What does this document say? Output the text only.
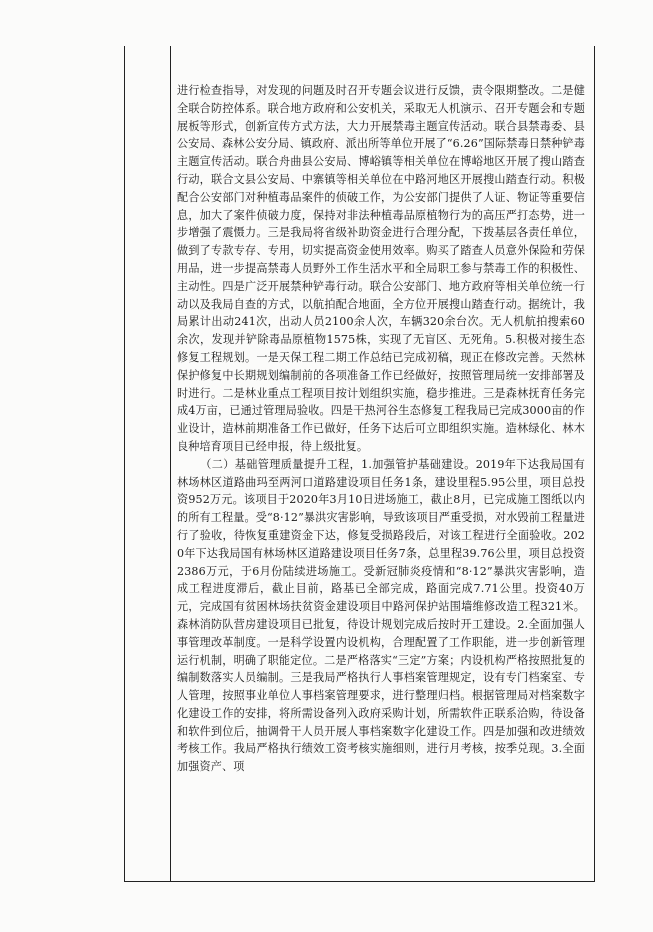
进行检查指导，对发现的问题及时召开专题会议进行反馈，责令限期整改。二是健全联合防控体系。联合地方政府和公安机关，采取无人机演示、召开专题会和专题展板等形式，创新宣传方式方法，大力开展禁毒主题宣传活动。联合县禁毒委、县公安局、森林公安分局、镇政府、派出所等单位开展了“6.26”国际禁毒日禁种铲毒主题宣传活动。联合舟曲县公安局、博峪镇等相关单位在博峪地区开展了搜山踏查行动，联合文县公安局、中寨镇等相关单位在中路河地区开展搜山踏查行动。积极配合公安部门对种植毒品案件的侦破工作，为公安部门提供了人证、物证等重要信息，加大了案件侦破力度，保持对非法种植毒品原植物行为的高压严打态势，进一步增强了震慑力。三是我局将省级补助资金进行合理分配，下拨基层各责任单位，做到了专款专存、专用，切实提高资金使用效率。购买了踏查人员意外保险和劳保用品，进一步提高禁毒人员野外工作生活水平和全局职工参与禁毒工作的积极性、主动性。四是广泛开展禁种铲毒行动。联合公安部门、地方政府等相关单位统一行动以及我局自查的方式，以航拍配合地面，全方位开展搜山踏查行动。据统计，我局累计出动241次，出动人员2100余人次，车辆320余台次。无人机航拍搜索60余次，发现并铲除毒品原植物1575株，实现了无盲区、无死角。5.积极对接生态修复工程规划。一是天保工程二期工作总结已完成初稿，现正在修改完善。天然林保护修复中长期规划编制前的各项准备工作已经做好，按照管理局统一安排部署及时进行。二是林业重点工程项目按计划组织实施，稳步推进。三是森林抚育任务完成4万亩，已通过管理局验收。四是干热河谷生态修复工程我局已完成3000亩的作业设计，造林前期准备工作已做好，任务下达后可立即组织实施。造林绿化、林木良种培育项目已经申报，待上级批复。

（二）基础管理质量提升工程，1.加强管护基础建设。2019年下达我局国有林场林区道路曲玛至两河口道路建设项目任务1条，建设里程5.95公里，项目总投资952万元。该项目于2020年3月10日进场施工，截止8月，已完成施工图纸以内的所有工程量。受“8·12”暴洪灾害影响，导致该项目严重受损，对水毁前工程量进行了验收，待恢复重建资金下达，修复受损路段后，对该工程进行全面验收。2020年下达我局国有林场林区道路建设项目任务7条，总里程39.76公里，项目总投资2386万元，于6月份陆续进场施工。受新冠肺炎疫情和“8·12”暴洪灾害影响，造成工程进度滞后，截止目前，路基已全部完成，路面完成7.71公里。投资40万元，完成国有贫困林场扶贫资金建设项目中路河保护站围墙维修改造工程321米。森林消防队营房建设项目已批复，待设计规划完成后按时开工建设。2.全面加强人事管理改革制度。一是科学设置内设机构，合理配置了工作职能，进一步创新管理运行机制，明确了职能定位。二是严格落实“三定”方案；内设机构严格按照批复的编制数落实人员编制。三是我局严格执行人事档案管理规定，设有专门档案室、专人管理，按照事业单位人事档案管理要求，进行整理归档。根据管理局对档案数字化建设工作的安排，将所需设备列入政府采购计划，所需软件正联系洽购，待设备和软件到位后，抽调骨干人员开展人事档案数字化建设工作。四是加强和改进绩效考核工作。我局严格执行绩效工资考核实施细则，进行月考核，按季兑现。3.全面加强资产、项
